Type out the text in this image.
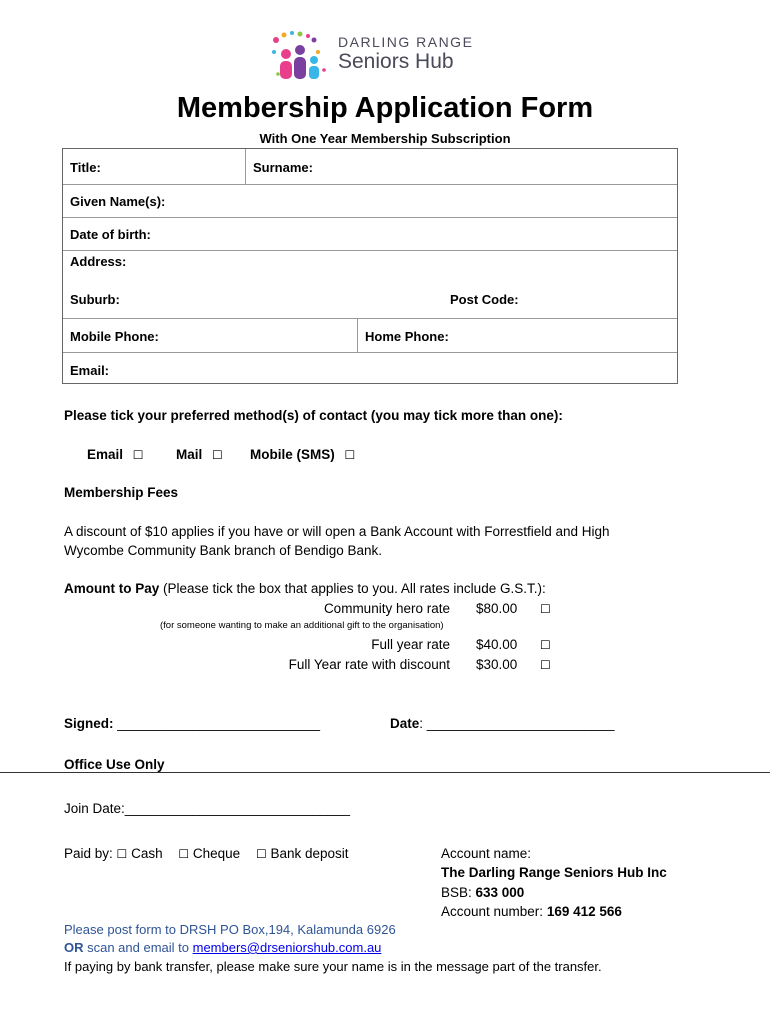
DARLING RANGE
Seniors Hub
Membership Application Form
With One Year Membership Subscription
Title:	Surname:
Given Name(s):
Date of birth:
Address:
Suburb:	Post Code:
Mobile Phone:	Home Phone:
Email:
Please tick your preferred method(s) of contact (you may tick more than one):
Email ☐ Mail ☐ Mobile (SMS) ☐
Membership Fees
A discount of $10 applies if you have or will open a Bank Account with Forrestfield and High
Wycombe Community Bank branch of Bendigo Bank.
Amount to Pay (Please tick the box that applies to you. All rates include G.S.T.):
Community hero rate $80.00 ☐
(for someone wanting to make an additional gift to the organisation)
Full year rate $40.00 ☐
Full Year rate with discount $30.00 ☐
Signed: ___________________________	Date: _________________________
Office Use Only
Join Date:______________________________
Paid by: ☐ Cash ☐ Cheque ☐ Bank deposit	Account name:
The Darling Range Seniors Hub Inc
BSB: 633 000
Account number: 169 412 566
Please post form to DRSH PO Box,194, Kalamunda 6926
OR scan and email to members@drseniorshub.com.au
If paying by bank transfer, please make sure your name is in the message part of the transfer.
